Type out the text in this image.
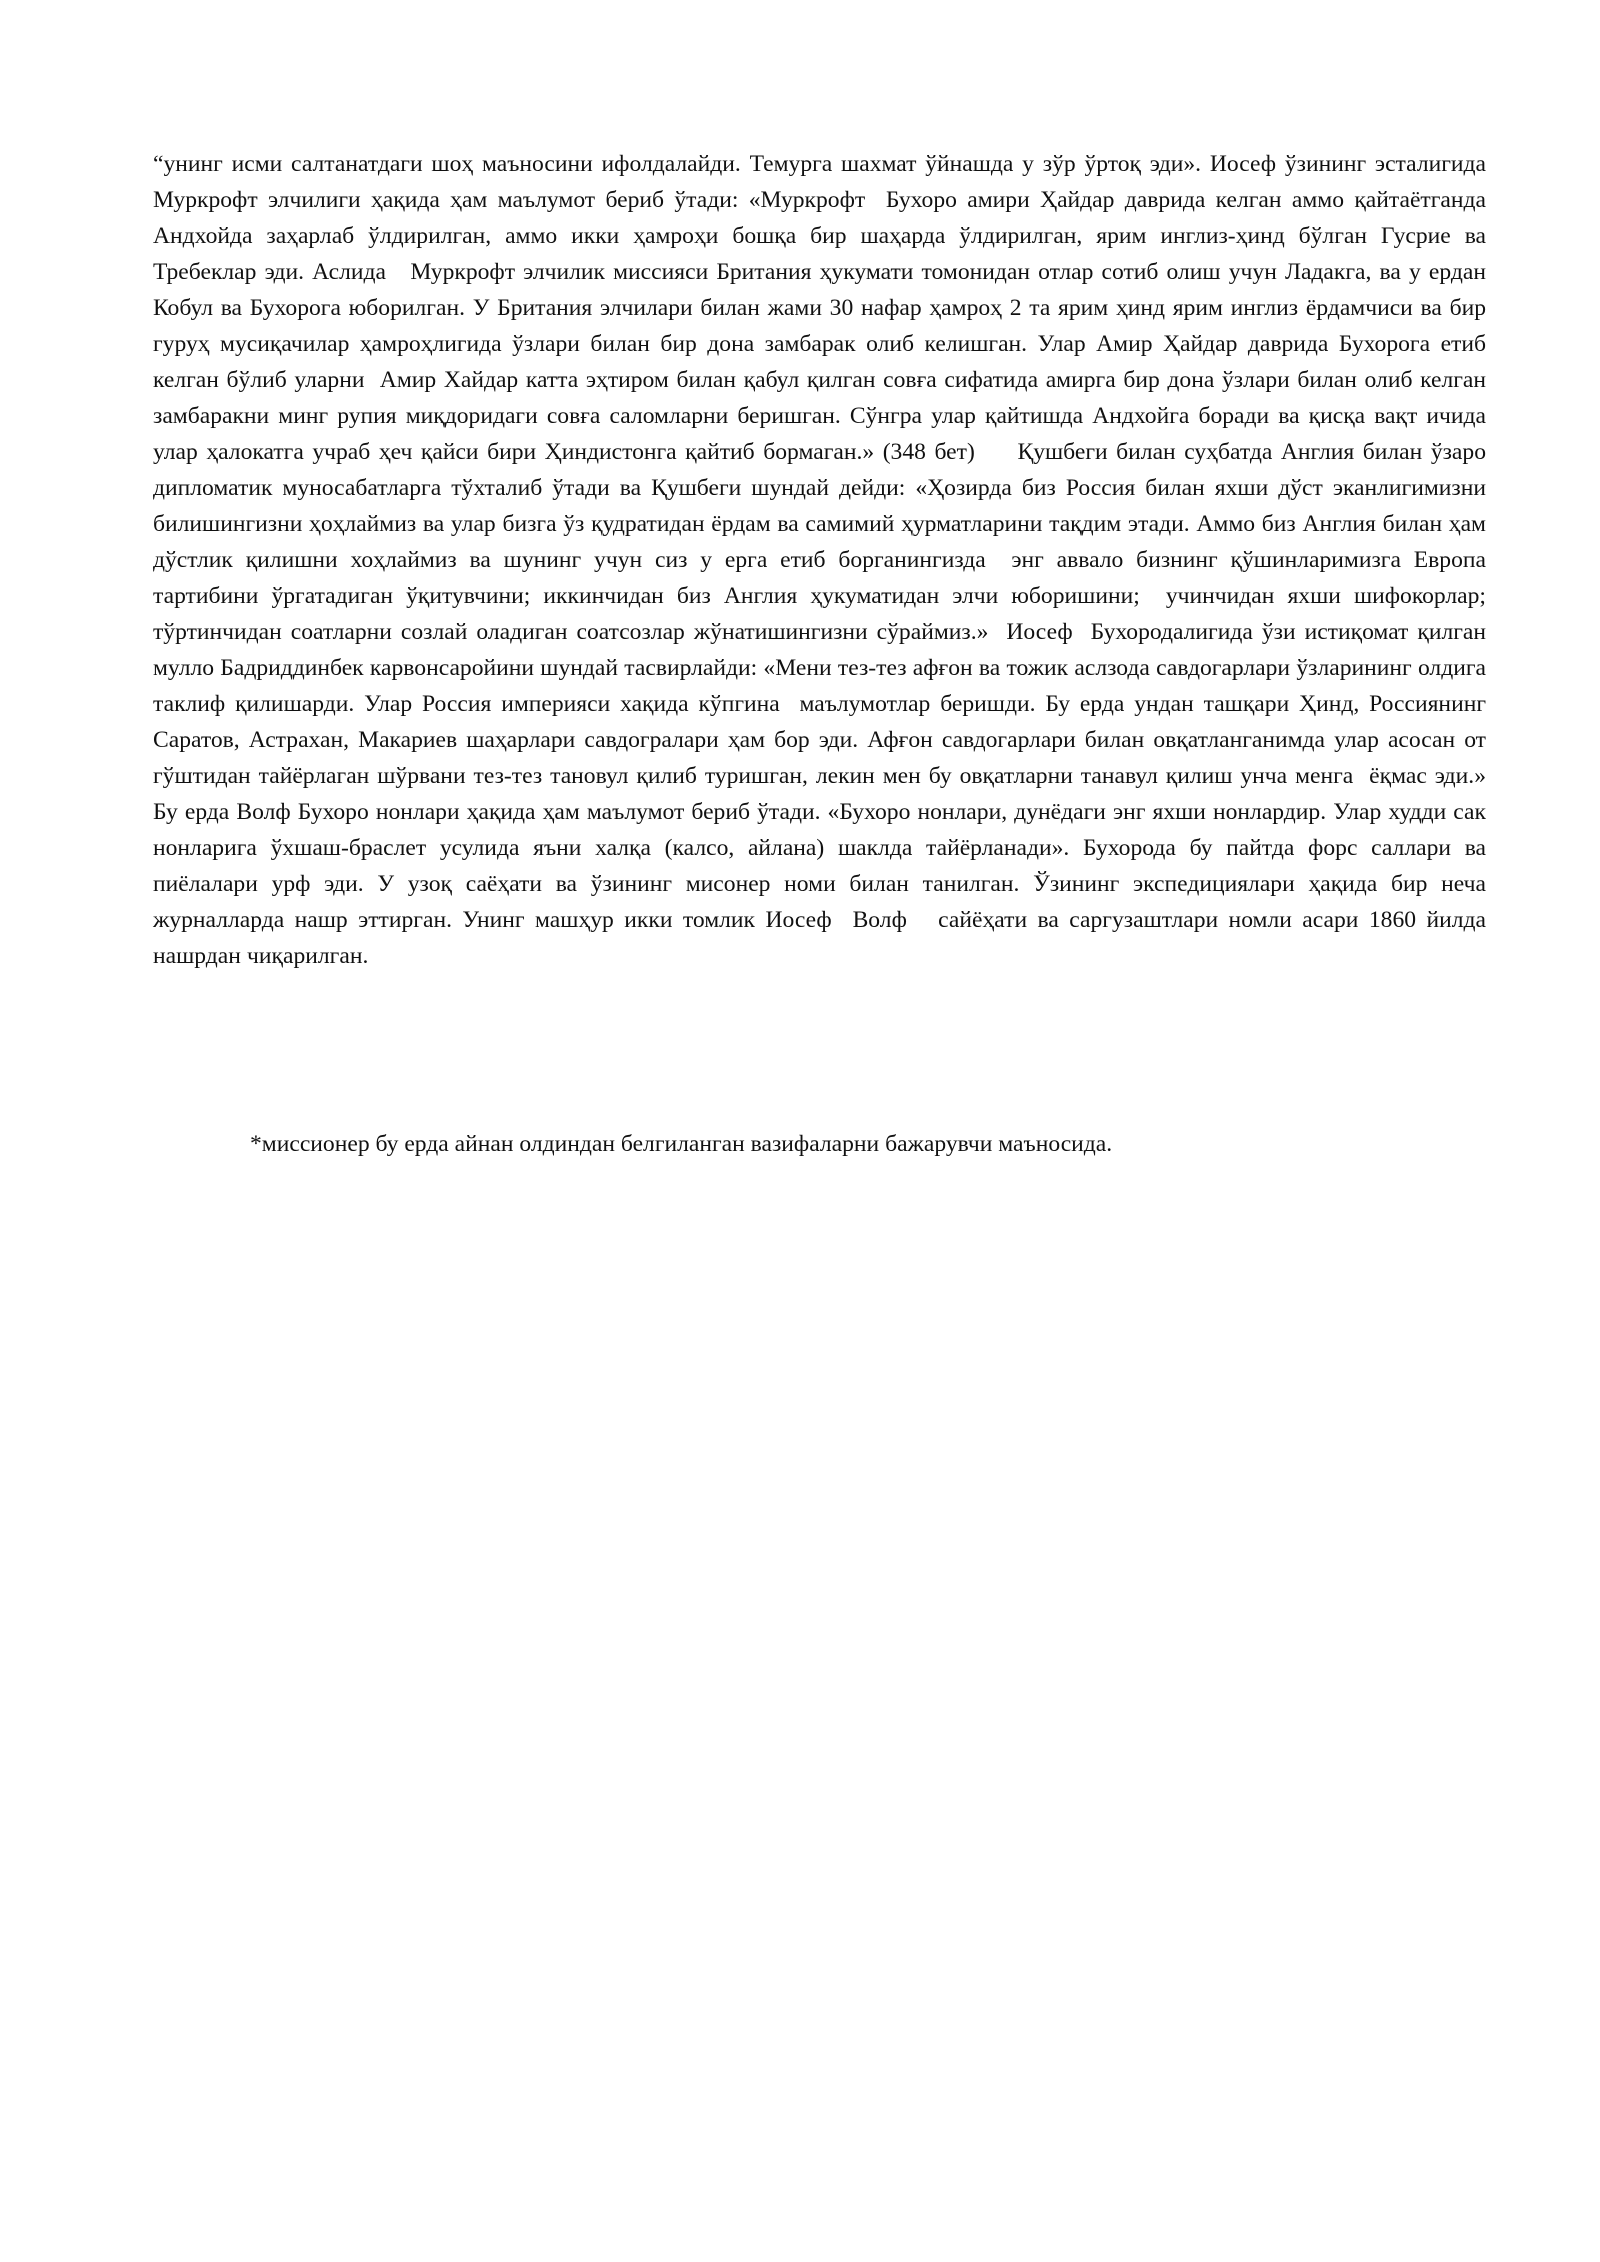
“унинг исми салтанатдаги шоҳ маъносини ифолдалайди. Темурга шахмат ўйнашда у зўр ўртоқ эди». Иосеф ўзининг эсталигида Муркрофт элчилиги ҳақида ҳам маълумот бериб ўтади: «Муркрофт  Бухоро амири Ҳайдар даврида келган аммо қайтаётганда Андхойда заҳарлаб ўлдирилган, аммо икки ҳамроҳи бошқа бир шаҳарда ўлдирилган, ярим инглиз-ҳинд бўлган Гусрие ва Требеклар эди. Аслида   Муркрофт элчилик миссияси Британия ҳукумати томонидан отлар сотиб олиш учун Ладакга, ва у ердан Кобул ва Бухорога юборилган. У Британия элчилари билан жами 30 нафар ҳамроҳ 2 та ярим ҳинд ярим инглиз ёрдамчиси ва бир гуруҳ мусиқачилар ҳамроҳлигида ўзлари билан бир дона замбарак олиб келишган. Улар Амир Ҳайдар даврида Бухорога етиб келган бўлиб уларни  Амир Хайдар катта эҳтиром билан қабул қилган совға сифатида амирга бир дона ўзлари билан олиб келган замбаракни минг рупия миқдоридаги совға саломларни беришган. Сўнгра улар қайтишда Андхойга боради ва қисқа вақт ичида улар ҳалокатга учраб ҳеч қайси бири Ҳиндистонга қайтиб бормаган.» (348 бет)     Қушбеги билан суҳбатда Англия билан ўзаро дипломатик муносабатларга тўхталиб ўтади ва Қушбеги шундай дейди: «Ҳозирда биз Россия билан яхши дўст эканлигимизни билишингизни ҳоҳлаймиз ва улар бизга ўз қудратидан ёрдам ва самимий ҳурматларини тақдим этади. Аммо биз Англия билан ҳам дўстлик қилишни хоҳлаймиз ва шунинг учун сиз у ерга етиб борганингизда  энг аввало бизнинг қўшинларимизга Европа тартибини ўргатадиган ўқитувчини; иккинчидан биз Англия ҳукуматидан элчи юборишини;  учинчидан яхши шифокорлар; тўртинчидан соатларни созлай оладиган соатсозлар жўнатишингизни сўраймиз.»  Иосеф  Бухородалигида ўзи истиқомат қилган мулло Бадриддинбек карвонсаройини шундай тасвирлайди: «Мени тез-тез афғон ва тожик аслзода савдогарлари ўзларининг олдига таклиф қилишарди. Улар Россия империяси хақида кўпгина  маълумотлар беришди. Бу ерда ундан ташқари Ҳинд, Россиянинг Саратов, Астрахан, Макариев шаҳарлари савдогралари ҳам бор эди. Афғон савдогарлари билан овқатланганимда улар асосан от гўштидан тайёрлаган шўрвани тез-тез тановул қилиб туришган, лекин мен бу овқатларни танавул қилиш унча менга  ёқмас эди.» Бу ерда Волф Бухоро нонлари ҳақида ҳам маълумот бериб ўтади. «Бухоро нонлари, дунёдаги энг яхши нонлардир. Улар худди сак нонларига ўхшаш-браслет усулида яъни халқа (калсо, айлана) шаклда тайёрланади». Бухорода бу пайтда форс саллари ва пиёлалари урф эди. У узоқ саёҳати ва ўзининг мисонер номи билан танилган. Ўзининг экспедициялари ҳақида бир неча журналларда нашр эттирган. Унинг машҳур икки томлик Иосеф  Волф   сайёҳати ва саргузаштлари номли асари 1860 йилда нашрдан чиқарилган.

*миссионер бу ерда айнан олдиндан белгиланган вазифаларни бажарувчи маъносида.
